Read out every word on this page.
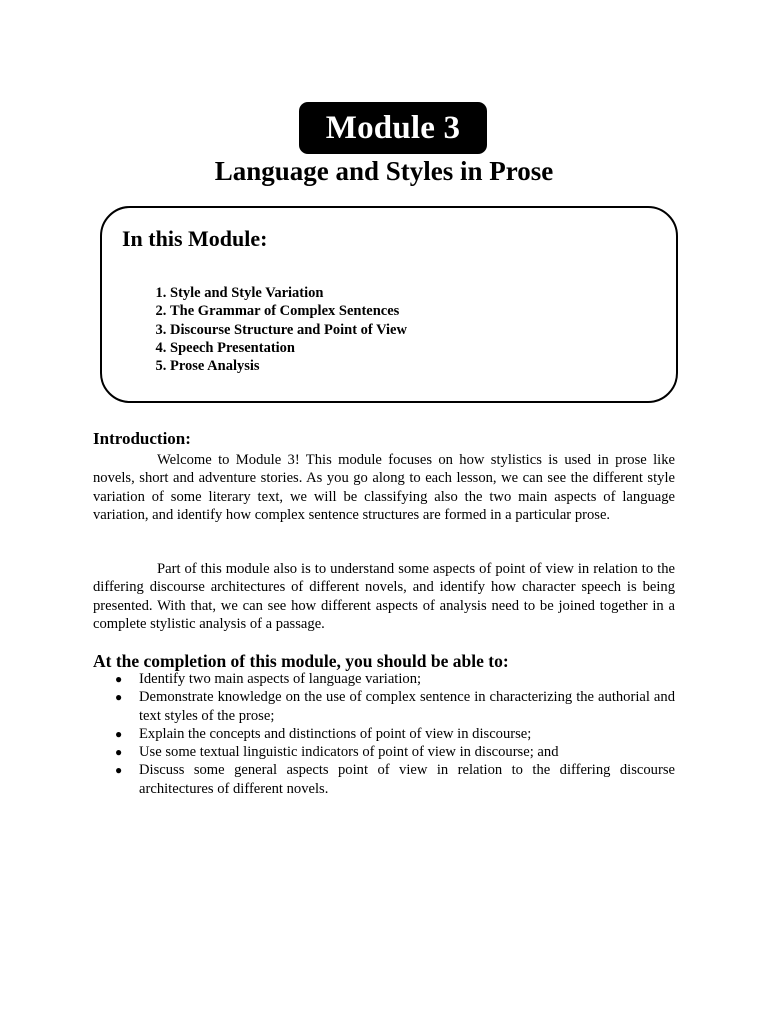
Module 3
Language and Styles in Prose
In this Module:
1. Style and Style Variation
2. The Grammar of Complex Sentences
3. Discourse Structure and Point of View
4. Speech Presentation
5. Prose Analysis
Introduction:

Welcome to Module 3! This module focuses on how stylistics is used in prose like novels, short and adventure stories. As you go along to each lesson, we can see the different style variation of some literary text, we will be classifying also the two main aspects of language variation, and identify how complex sentence structures are formed in a particular prose.

Part of this module also is to understand some aspects of point of view in relation to the differing discourse architectures of different novels, and identify how character speech is being presented. With that, we can see how different aspects of analysis need to be joined together in a complete stylistic analysis of a passage.

At the completion of this module, you should be able to:
● Identify two main aspects of language variation;
● Demonstrate knowledge on the use of complex sentence in characterizing the authorial and text styles of the prose;
● Explain the concepts and distinctions of point of view in discourse;
● Use some textual linguistic indicators of point of view in discourse; and
● Discuss some general aspects point of view in relation to the differing discourse architectures of different novels.
